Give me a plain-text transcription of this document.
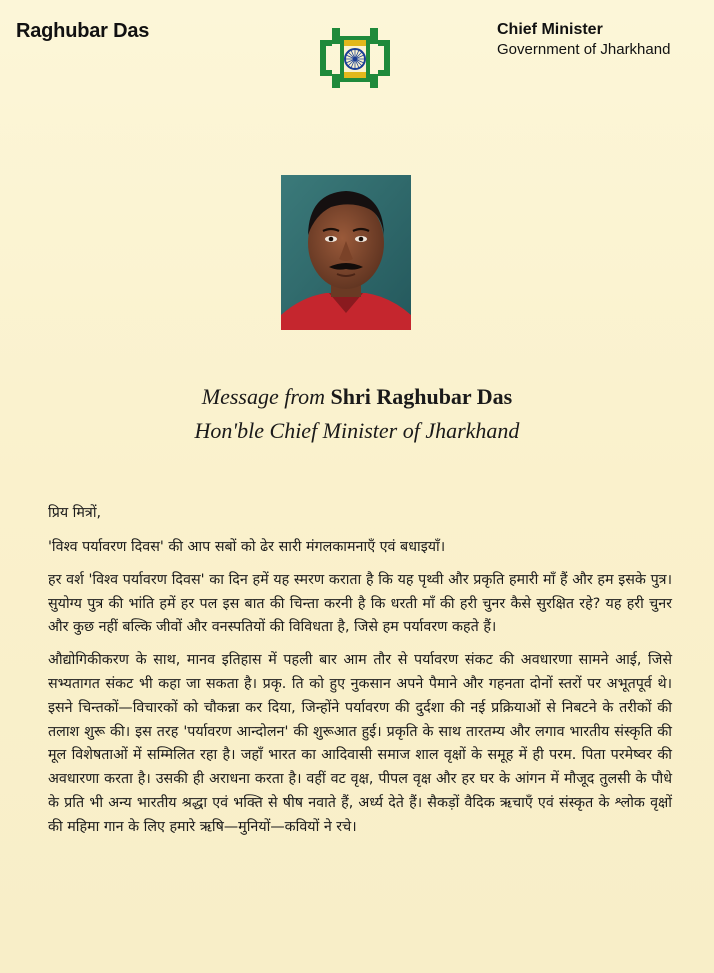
Raghubar Das	Chief Minister
Government of Jharkhand
Message from Shri Raghubar Das
Hon'ble Chief Minister of Jharkhand

प्रिय मित्रों,

'विश्व पर्यावरण दिवस' की आप सबों को ढेर सारी मंगलकामनाएँ एवं बधाइयाँ।

हर वर्श 'विश्व पर्यावरण दिवस' का दिन हमें यह स्मरण कराता है कि यह पृथ्वी और प्रकृति हमारी माँ हैं और हम इसके पुत्र। सुयोग्य पुत्र की भांति हमें हर पल इस बात की चिन्ता करनी है कि धरती माँ की हरी चुनर कैसे सुरक्षित रहे? यह हरी चुनर और कुछ नहीं बल्कि जीवों और वनस्पतियों की विविधता है, जिसे हम पर्यावरण कहते हैं।

औद्योगिकीकरण के साथ, मानव इतिहास में पहली बार आम तौर से पर्यावरण संकट की अवधारणा सामने आई, जिसे सभ्यतागत संकट भी कहा जा सकता है। प्रकृ. ति को हुए नुकसान अपने पैमाने और गहनता दोनों स्तरों पर अभूतपूर्व थे। इसने चिन्तकों—विचारकों को चौकन्ना कर दिया, जिन्होंने पर्यावरण की दुर्दशा की नई प्रक्रियाओं से निबटने के तरीकों की तलाश शुरू की। इस तरह 'पर्यावरण आन्दोलन' की शुरूआत हुई। प्रकृति के साथ तारतम्य और लगाव भारतीय संस्कृति की मूल विशेषताओं में सम्मिलित रहा है। जहाँ भारत का आदिवासी समाज शाल वृक्षों के समूह में ही परम. पिता परमेष्वर की अवधारणा करता है। उसकी ही अराधना करता है। वहीं वट वृक्ष, पीपल वृक्ष और हर घर के आंगन में मौजूद तुलसी के पौधे के प्रति भी अन्य भारतीय श्रद्धा एवं भक्ति से षीष नवाते हैं, अर्ध्य देते हैं। सैकड़ों वैदिक ऋचाएँ एवं संस्कृत के श्लोक वृक्षों की महिमा गान के लिए हमारे ऋषि—मुनियों—कवियों ने रचे।
